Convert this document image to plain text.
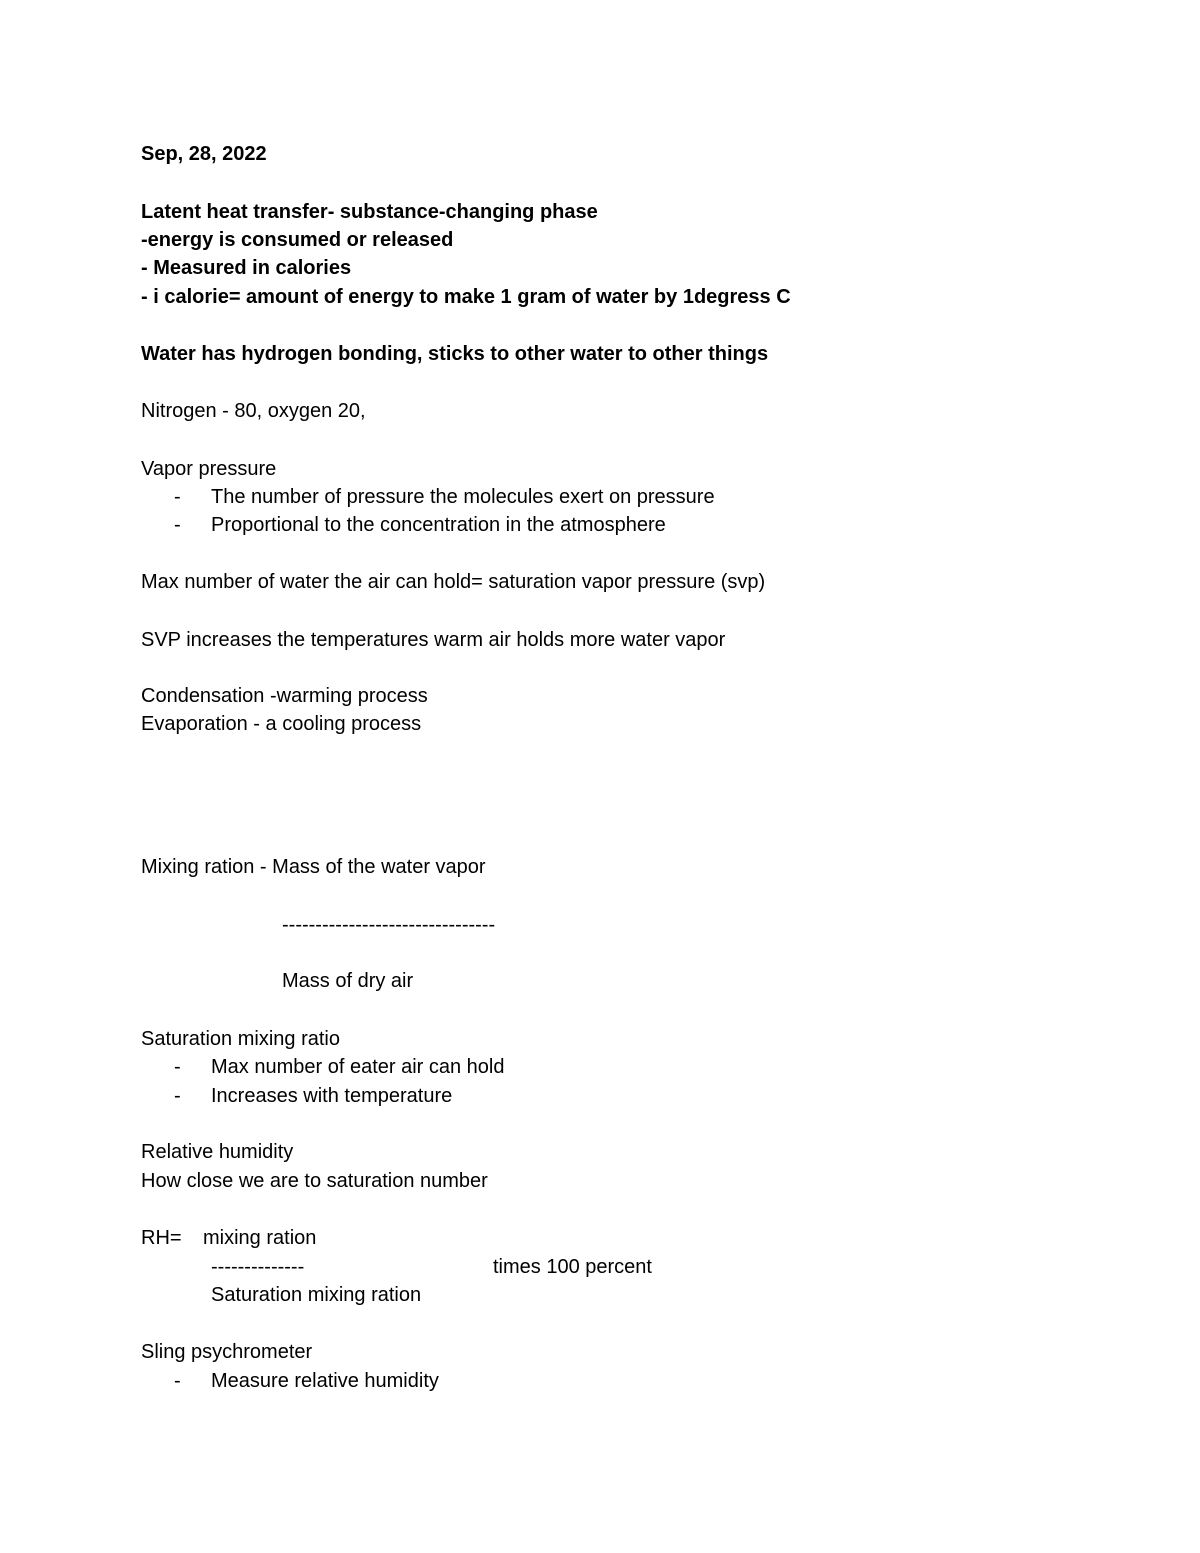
Sep, 28, 2022
Latent heat transfer- substance-changing phase
-energy is consumed or released
- Measured in calories
- i calorie= amount of energy to make 1 gram of water by 1degress C
Water has hydrogen bonding, sticks to other water to other things
Nitrogen - 80, oxygen 20,
Vapor pressure
- The number of pressure the molecules exert on pressure
- Proportional to the concentration in the atmosphere
Max number of water the air can hold= saturation vapor pressure (svp)
SVP increases the temperatures warm air holds more water vapor
Condensation -warming process
Evaporation - a cooling process
Mixing ration - Mass of the water vapor
--------------------------------
Mass of dry air
Saturation mixing ratio
- Max number of eater air can hold
- Increases with temperature
Relative humidity
How close we are to saturation number
RH= mixing ration
--------------	times 100 percent
Saturation mixing ration
Sling psychrometer
- Measure relative humidity
